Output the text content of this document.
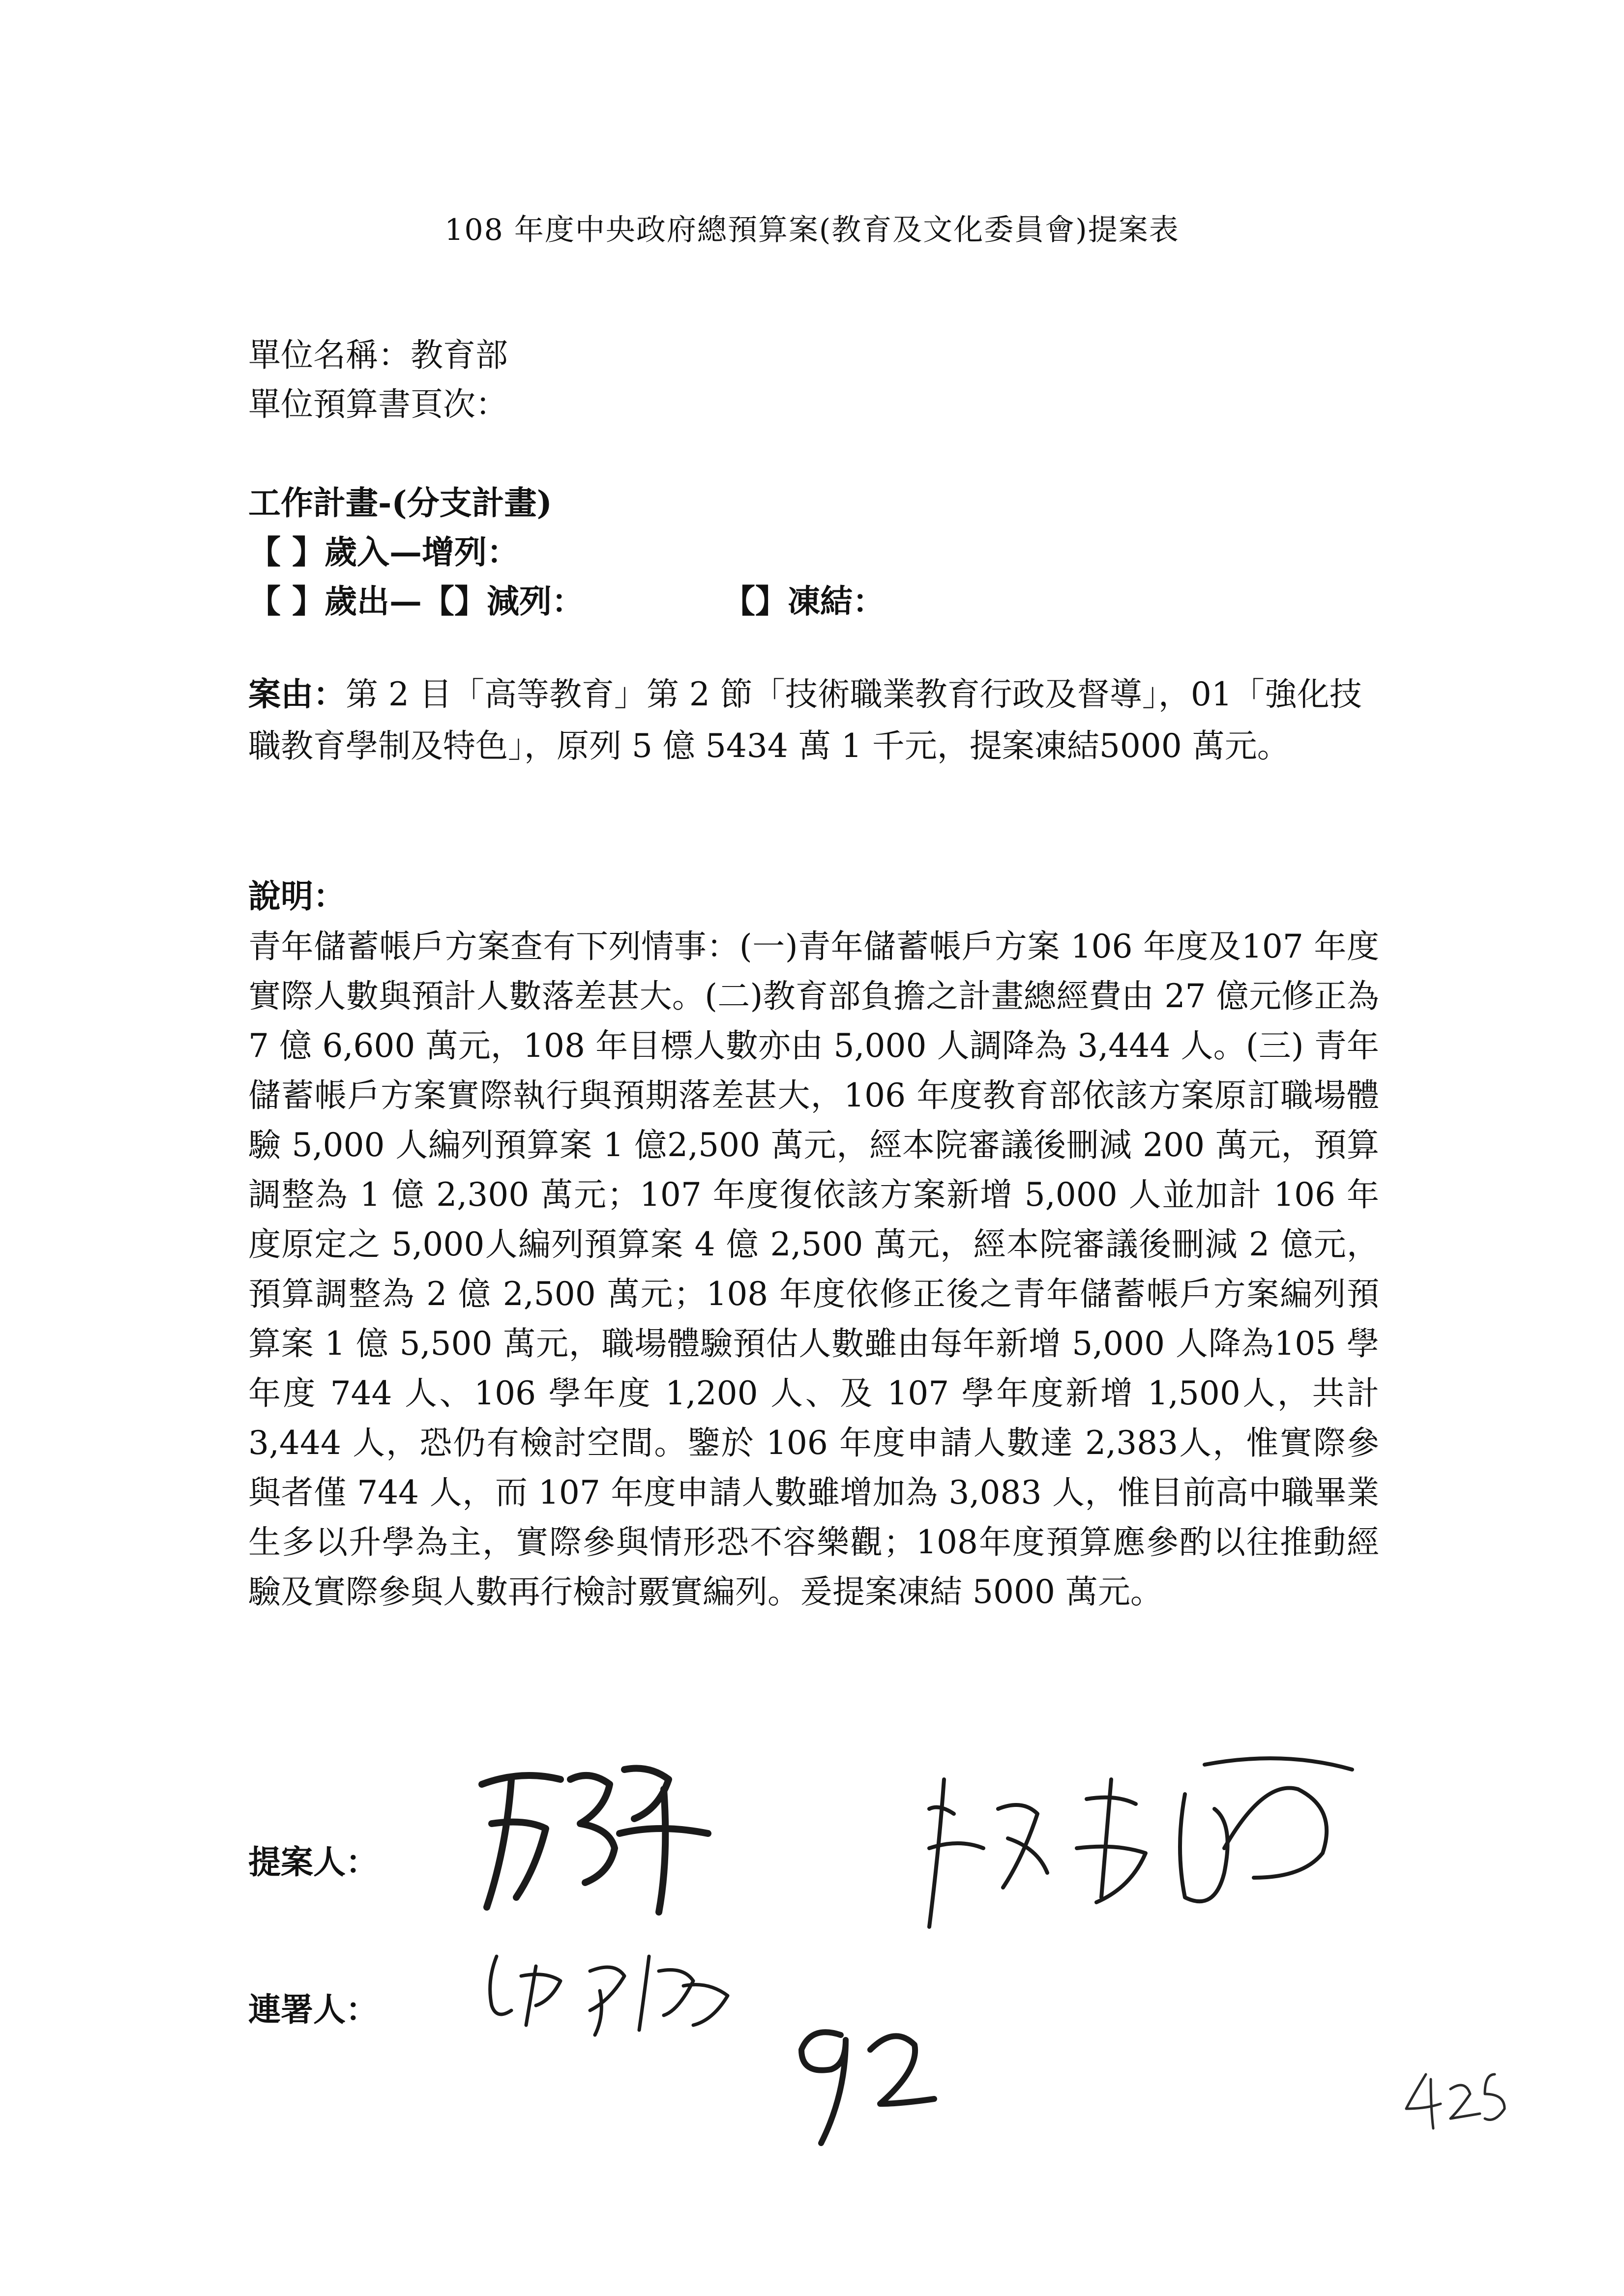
108 年度中央政府總預算案(教育及文化委員會)提案表
單位名稱：教育部
單位預算書頁次：
工作計畫-(分支計畫)
【 】歲入—增列：
【 】歲出—【】減列：	【】凍結：
案由：第 2 目「高等教育」第 2 節「技術職業教育行政及督導」，01「強化技職教育學制及特色」，原列 5 億 5434 萬 1 千元，提案凍結5000 萬元。
說明：
青年儲蓄帳戶方案查有下列情事：(一)青年儲蓄帳戶方案 106 年度及107 年度實際人數與預計人數落差甚大。(二)教育部負擔之計畫總經費由 27 億元修正為 7 億 6,600 萬元，108 年目標人數亦由 5,000 人調降為 3,444 人。(三) 青年儲蓄帳戶方案實際執行與預期落差甚大，106 年度教育部依該方案原訂職場體驗 5,000 人編列預算案 1 億2,500 萬元，經本院審議後刪減 200 萬元，預算調整為 1 億 2,300 萬元；107 年度復依該方案新增 5,000 人並加計 106 年度原定之 5,000人編列預算案 4 億 2,500 萬元，經本院審議後刪減 2 億元，預算調整為 2 億 2,500 萬元；108 年度依修正後之青年儲蓄帳戶方案編列預算案 1 億 5,500 萬元，職場體驗預估人數雖由每年新增 5,000 人降為105 學年度 744 人、106 學年度 1,200 人、及 107 學年度新增 1,500人，共計 3,444 人，恐仍有檢討空間。鑒於 106 年度申請人數達 2,383人，惟實際參與者僅 744 人，而 107 年度申請人數雖增加為 3,083 人，惟目前高中職畢業生多以升學為主，實際參與情形恐不容樂觀；108年度預算應參酌以往推動經驗及實際參與人數再行檢討覈實編列。爰提案凍結 5000 萬元。
提案人：
連署人：	92
425
